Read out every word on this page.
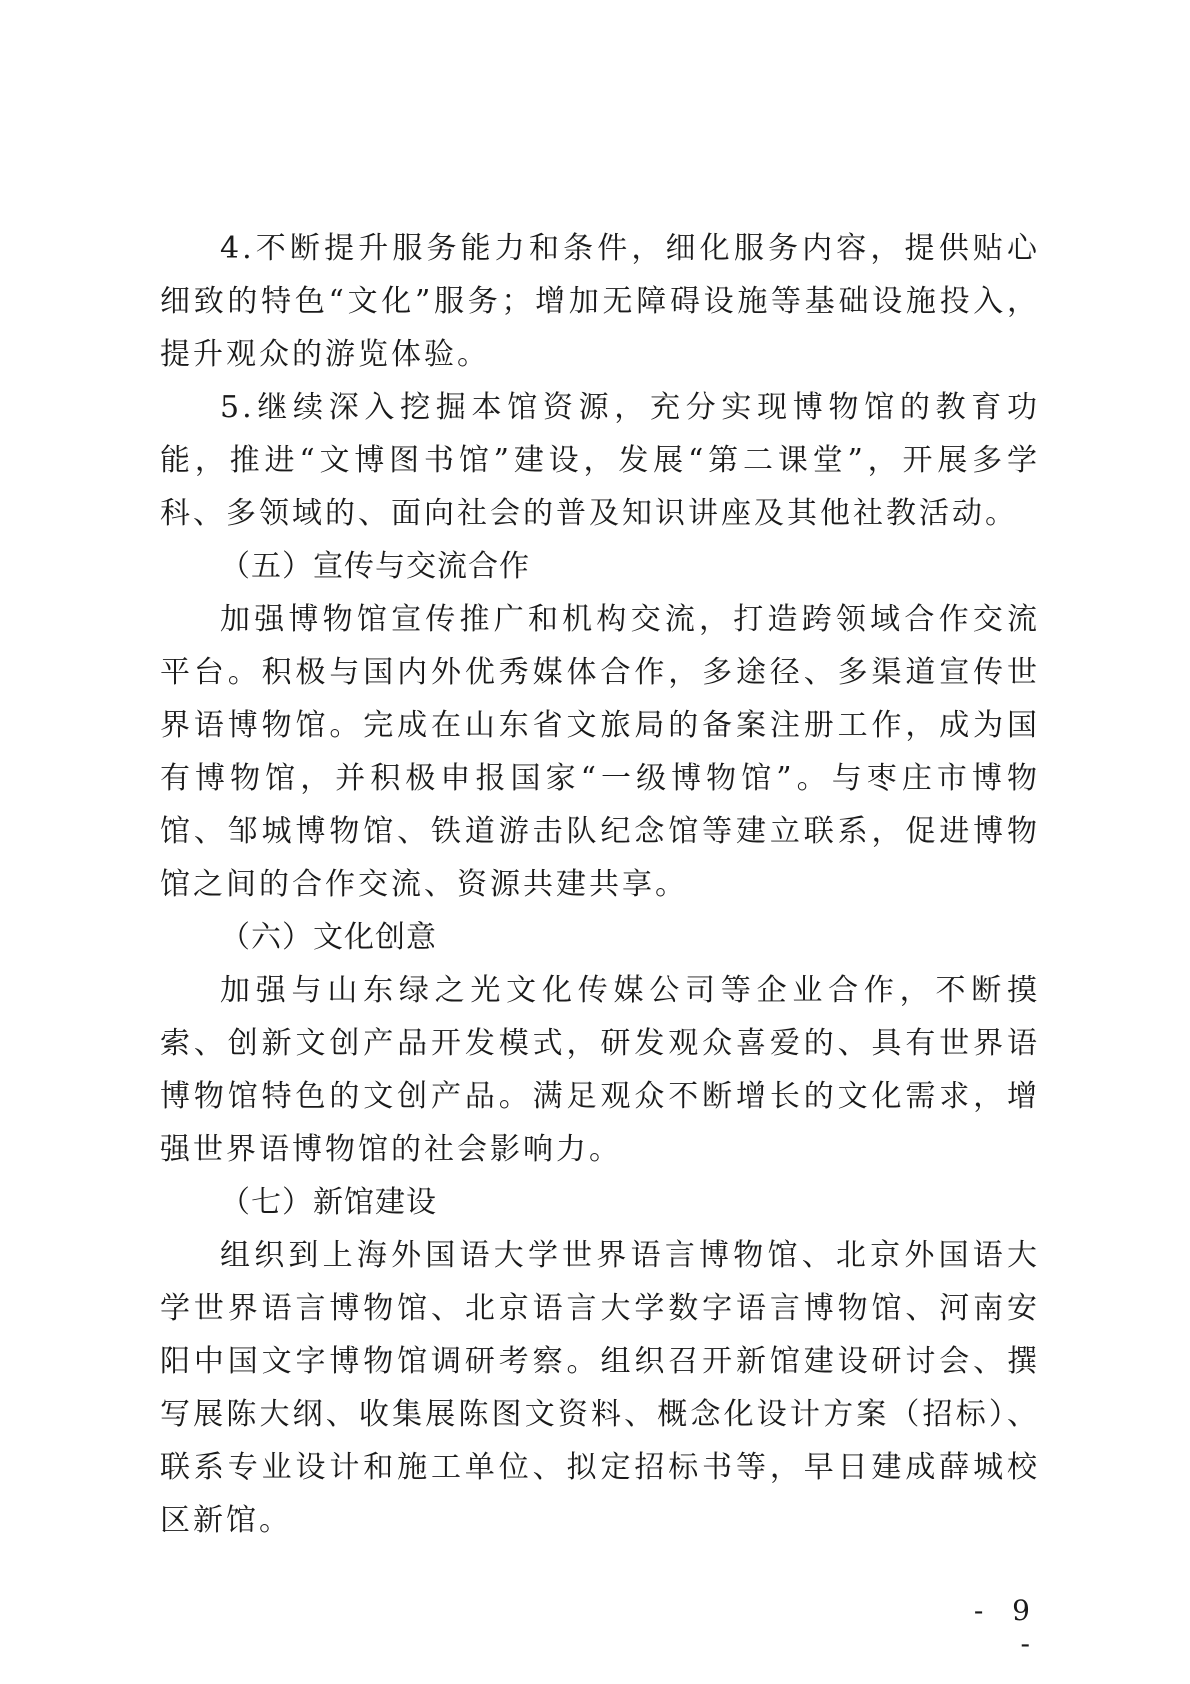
4.不断提升服务能力和条件，细化服务内容，提供贴心细致的特色“文化”服务；增加无障碍设施等基础设施投入，提升观众的游览体验。

5.继续深入挖掘本馆资源，充分实现博物馆的教育功能，推进“文博图书馆”建设，发展“第二课堂”，开展多学科、多领域的、面向社会的普及知识讲座及其他社教活动。

（五）宣传与交流合作

加强博物馆宣传推广和机构交流，打造跨领域合作交流平台。积极与国内外优秀媒体合作，多途径、多渠道宣传世界语博物馆。完成在山东省文旅局的备案注册工作，成为国有博物馆，并积极申报国家“一级博物馆”。与枣庄市博物馆、邹城博物馆、铁道游击队纪念馆等建立联系，促进博物馆之间的合作交流、资源共建共享。

（六）文化创意

加强与山东绿之光文化传媒公司等企业合作，不断摸索、创新文创产品开发模式，研发观众喜爱的、具有世界语博物馆特色的文创产品。满足观众不断增长的文化需求，增强世界语博物馆的社会影响力。

（七）新馆建设

组织到上海外国语大学世界语言博物馆、北京外国语大学世界语言博物馆、北京语言大学数字语言博物馆、河南安阳中国文字博物馆调研考察。组织召开新馆建设研讨会、撰写展陈大纲、收集展陈图文资料、概念化设计方案（招标）、联系专业设计和施工单位、拟定招标书等，早日建成薛城校区新馆。

- 9 -
